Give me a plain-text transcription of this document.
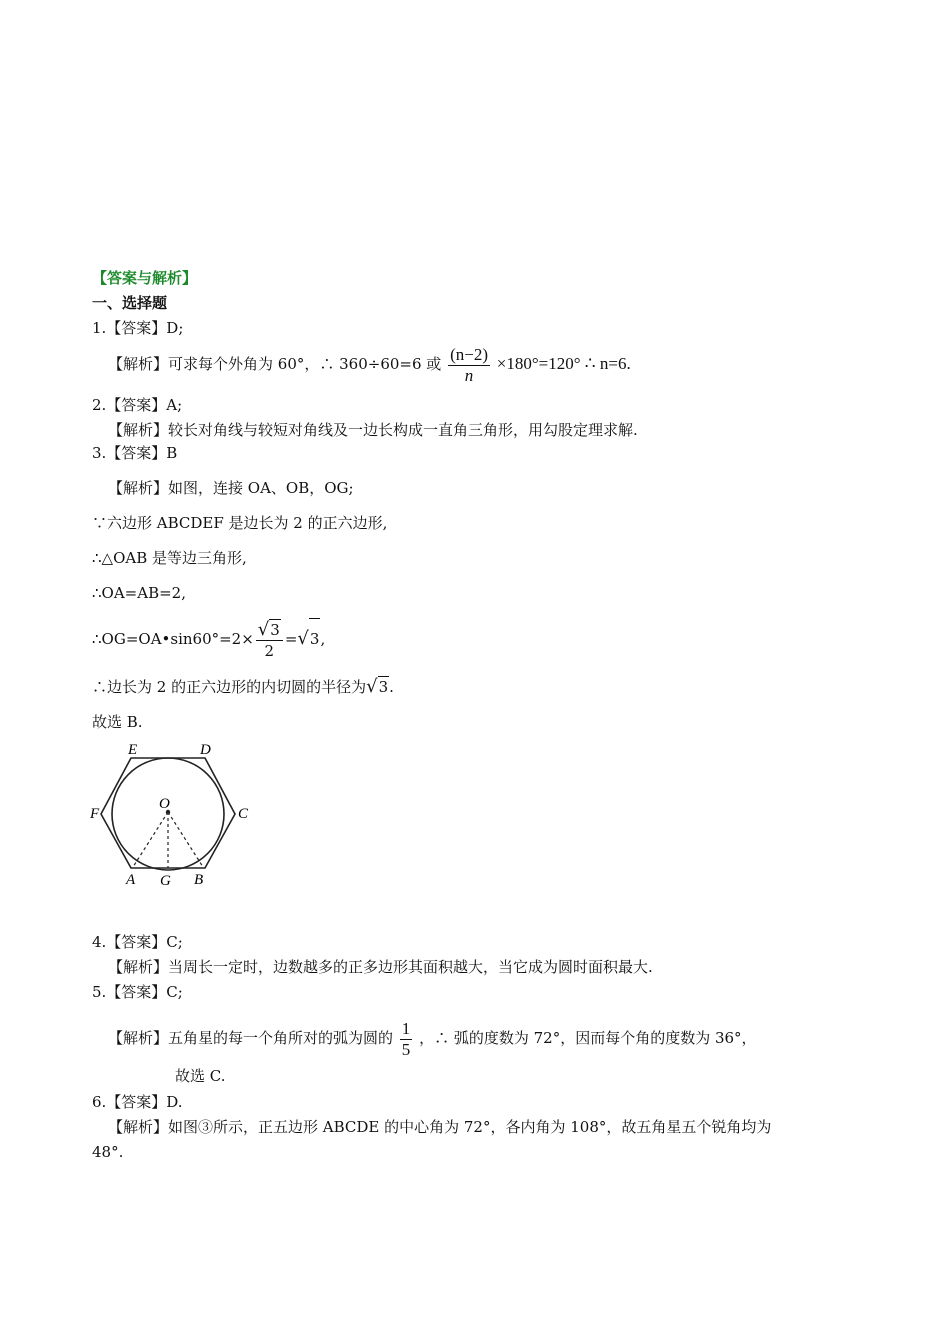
【答案与解析】
一、选择题
1.【答案】D;
【解析】可求每个外角为 60°，∴ 360÷60=6 或 $\frac{(n-2)}{n} \times 180^\circ=120^\circ$ ∴ n=6.
2.【答案】A;
【解析】较长对角线与较短对角线及一边长构成一直角三角形，用勾股定理求解.
3.【答案】B
【解析】如图，连接 OA、OB，OG;
∵六边形 ABCDEF 是边长为 2 的正六边形,
∴△OAB 是等边三角形,
∴OA=AB=2,
∴OG=OA•sin60°=2× $\frac{√3}{2} =√3$,
∴边长为 2 的正六边形的内切圆的半径为√3.
故选 B.
E	D
F	C
O
A G B
4.【答案】C;
【解析】当周长一定时，边数越多的正多边形其面积越大，当它成为圆时面积最大.
5.【答案】C;
【解析】五角星的每一个角所对的弧为圆的 $\frac{1}{5}$ ，∴ 弧的度数为 72°，因而每个角的度数为 36°，
故选 C.
6.【答案】D.
【解析】如图③所示，正五边形 ABCDE 的中心角为 72°，各内角为 108°，故五角星五个锐角均为
48°.
